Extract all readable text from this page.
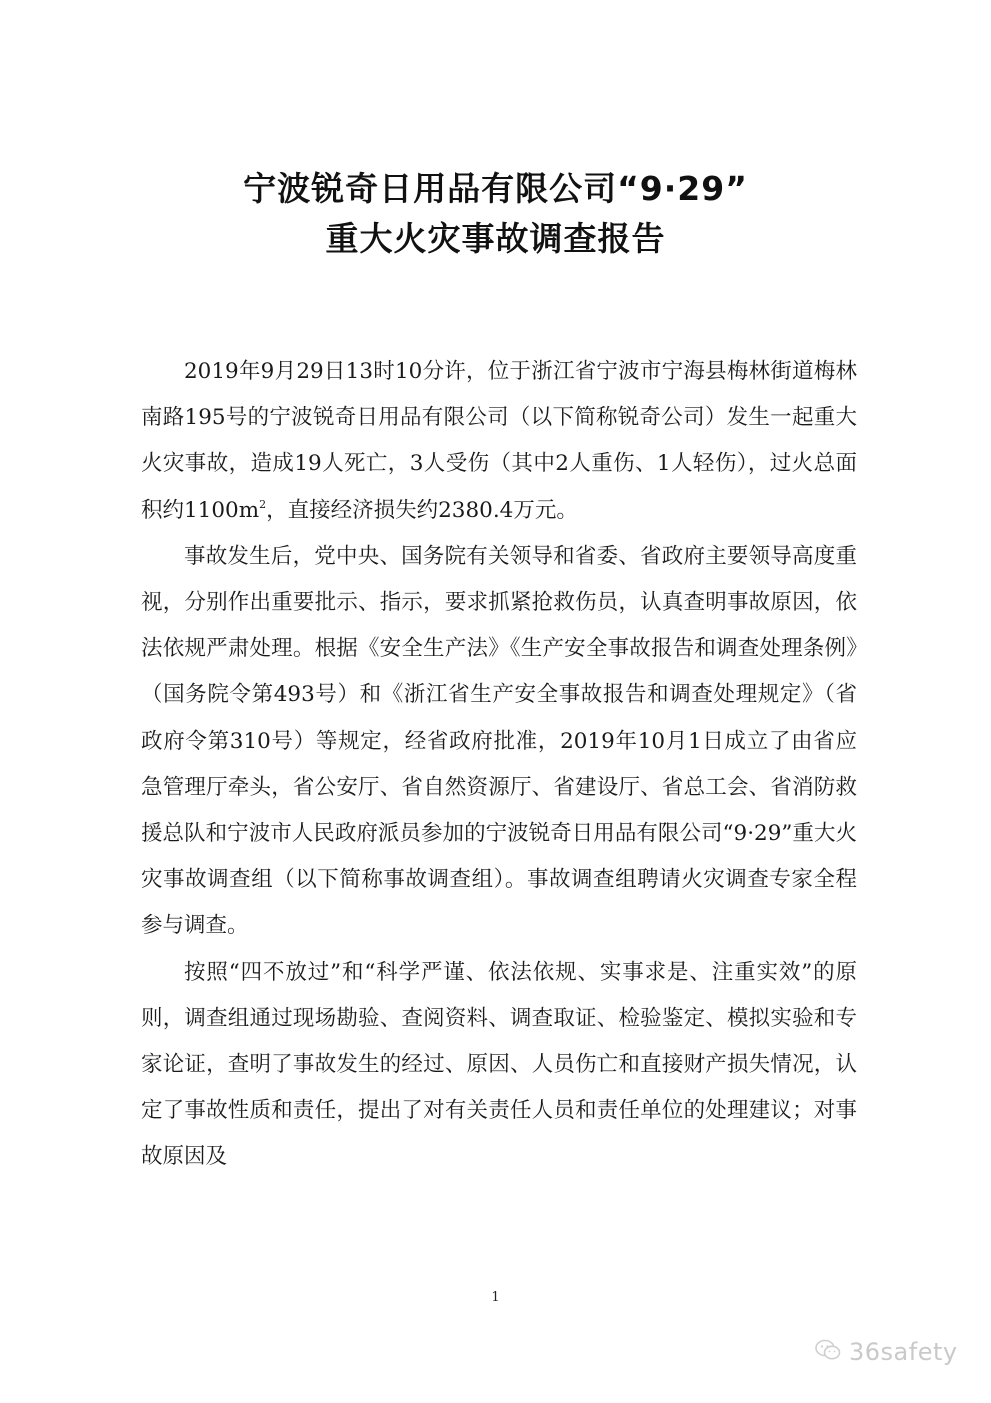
宁波锐奇日用品有限公司“9·29”
重大火灾事故调查报告

2019年9月29日13时10分许，位于浙江省宁波市宁海县梅林街道梅林南路195号的宁波锐奇日用品有限公司（以下简称锐奇公司）发生一起重大火灾事故，造成19人死亡，3人受伤（其中2人重伤、1人轻伤），过火总面积约$1100m^2$，直接经济损失约2380.4万元。

事故发生后，党中央、国务院有关领导和省委、省政府主要领导高度重视，分别作出重要批示、指示，要求抓紧抢救伤员，认真查明事故原因，依法依规严肃处理。根据《安全生产法》《生产安全事故报告和调查处理条例》（国务院令第493号）和《浙江省生产安全事故报告和调查处理规定》（省政府令第310号）等规定，经省政府批准，2019年10月1日成立了由省应急管理厅牵头，省公安厅、省自然资源厅、省建设厅、省总工会、省消防救援总队和宁波市人民政府派员参加的宁波锐奇日用品有限公司“9·29”重大火灾事故调查组（以下简称事故调查组）。事故调查组聘请火灾调查专家全程参与调查。

按照“四不放过”和“科学严谨、依法依规、实事求是、注重实效”的原则，调查组通过现场勘验、查阅资料、调查取证、检验鉴定、模拟实验和专家论证，查明了事故发生的经过、原因、人员伤亡和直接财产损失情况，认定了事故性质和责任，提出了对有关责任人员和责任单位的处理建议；对事故原因及

1
36safety
